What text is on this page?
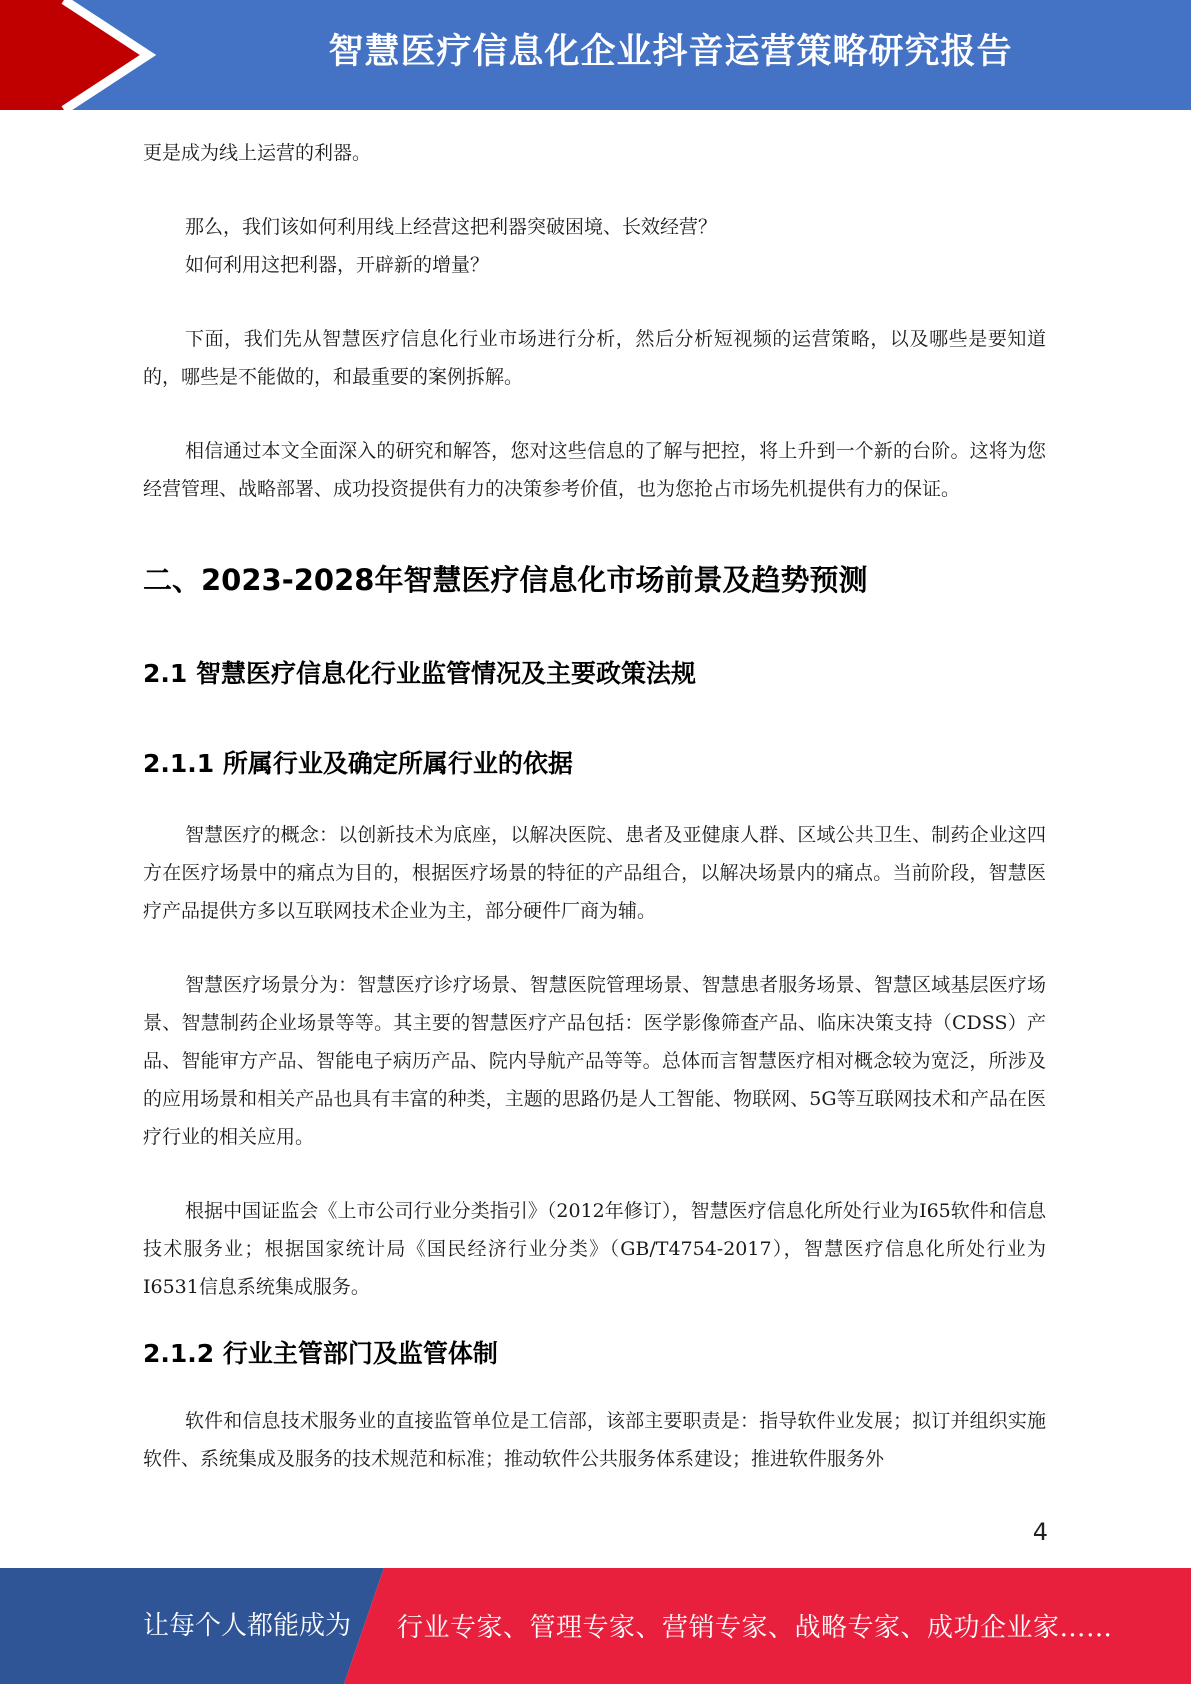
智慧医疗信息化企业抖音运营策略研究报告

更是成为线上运营的利器。

那么，我们该如何利用线上经营这把利器突破困境、长效经营？

如何利用这把利器，开辟新的增量？

下面，我们先从智慧医疗信息化行业市场进行分析，然后分析短视频的运营策略，以及哪些是要知道的，哪些是不能做的，和最重要的案例拆解。

相信通过本文全面深入的研究和解答，您对这些信息的了解与把控，将上升到一个新的台阶。这将为您经营管理、战略部署、成功投资提供有力的决策参考价值，也为您抢占市场先机提供有力的保证。

二、2023-2028年智慧医疗信息化市场前景及趋势预测
2.1 智慧医疗信息化行业监管情况及主要政策法规
2.1.1 所属行业及确定所属行业的依据

智慧医疗的概念：以创新技术为底座，以解决医院、患者及亚健康人群、区域公共卫生、制药企业这四方在医疗场景中的痛点为目的，根据医疗场景的特征的产品组合，以解决场景内的痛点。当前阶段，智慧医疗产品提供方多以互联网技术企业为主，部分硬件厂商为辅。

智慧医疗场景分为：智慧医疗诊疗场景、智慧医院管理场景、智慧患者服务场景、智慧区域基层医疗场景、智慧制药企业场景等等。其主要的智慧医疗产品包括：医学影像筛查产品、临床决策支持（CDSS）产品、智能审方产品、智能电子病历产品、院内导航产品等等。总体而言智慧医疗相对概念较为宽泛，所涉及的应用场景和相关产品也具有丰富的种类，主题的思路仍是人工智能、物联网、5G等互联网技术和产品在医疗行业的相关应用。

根据中国证监会《上市公司行业分类指引》（2012年修订），智慧医疗信息化所处行业为I65软件和信息技术服务业；根据国家统计局《国民经济行业分类》（GB/T4754-2017），智慧医疗信息化所处行业为I6531信息系统集成服务。

2.1.2 行业主管部门及监管体制

软件和信息技术服务业的直接监管单位是工信部，该部主要职责是：指导软件业发展；拟订并组织实施软件、系统集成及服务的技术规范和标准；推动软件公共服务体系建设；推进软件服务外

4
让每个人都能成为 行业专家、管理专家、营销专家、战略专家、成功企业家……
